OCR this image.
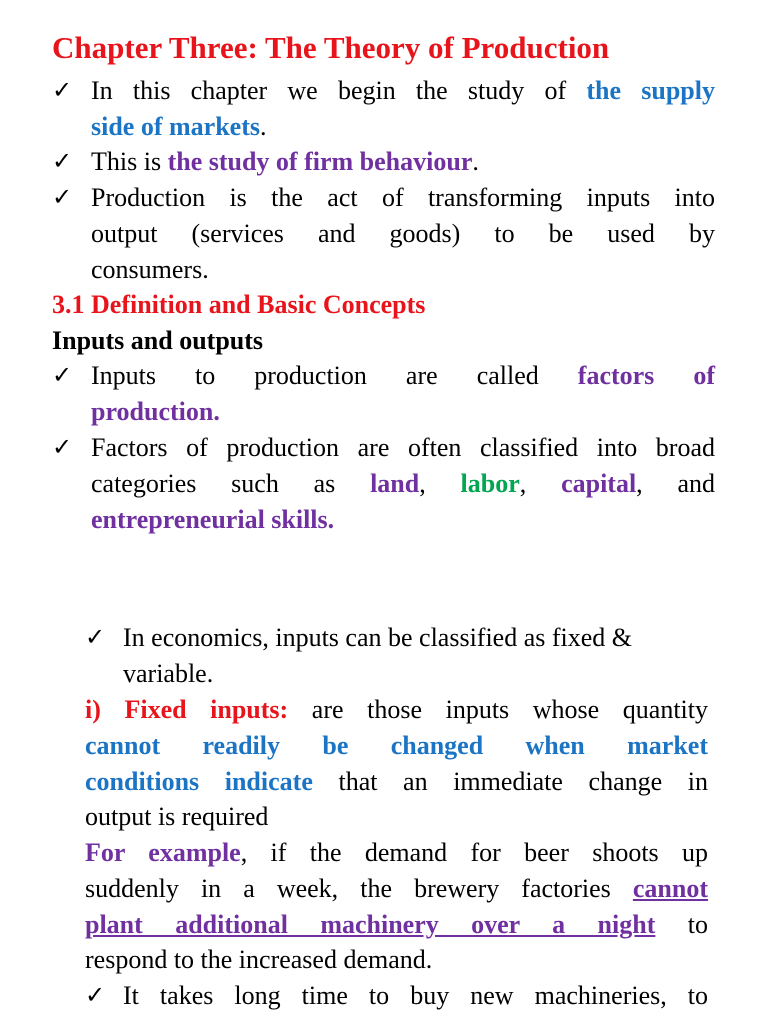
Chapter Three: The Theory of Production
✓ In this chapter we begin the study of the supply
side of markets.
✓ This is the study of firm behaviour.
✓ Production is the act of transforming inputs into
output (services and goods) to be used by
consumers.
3.1 Definition and Basic Concepts
Inputs and outputs
✓ Inputs to production are called factors of
production.
✓ Factors of production are often classified into broad
categories such as land, labor, capital, and
entrepreneurial skills.
✓ In economics, inputs can be classified as fixed &
variable.
i) Fixed inputs: are those inputs whose quantity
cannot readily be changed when market
conditions indicate that an immediate change in
output is required
For example, if the demand for beer shoots up
suddenly in a week, the brewery factories cannot
plant additional machinery over a night to
respond to the increased demand.
✓ It takes long time to buy new machineries, to
